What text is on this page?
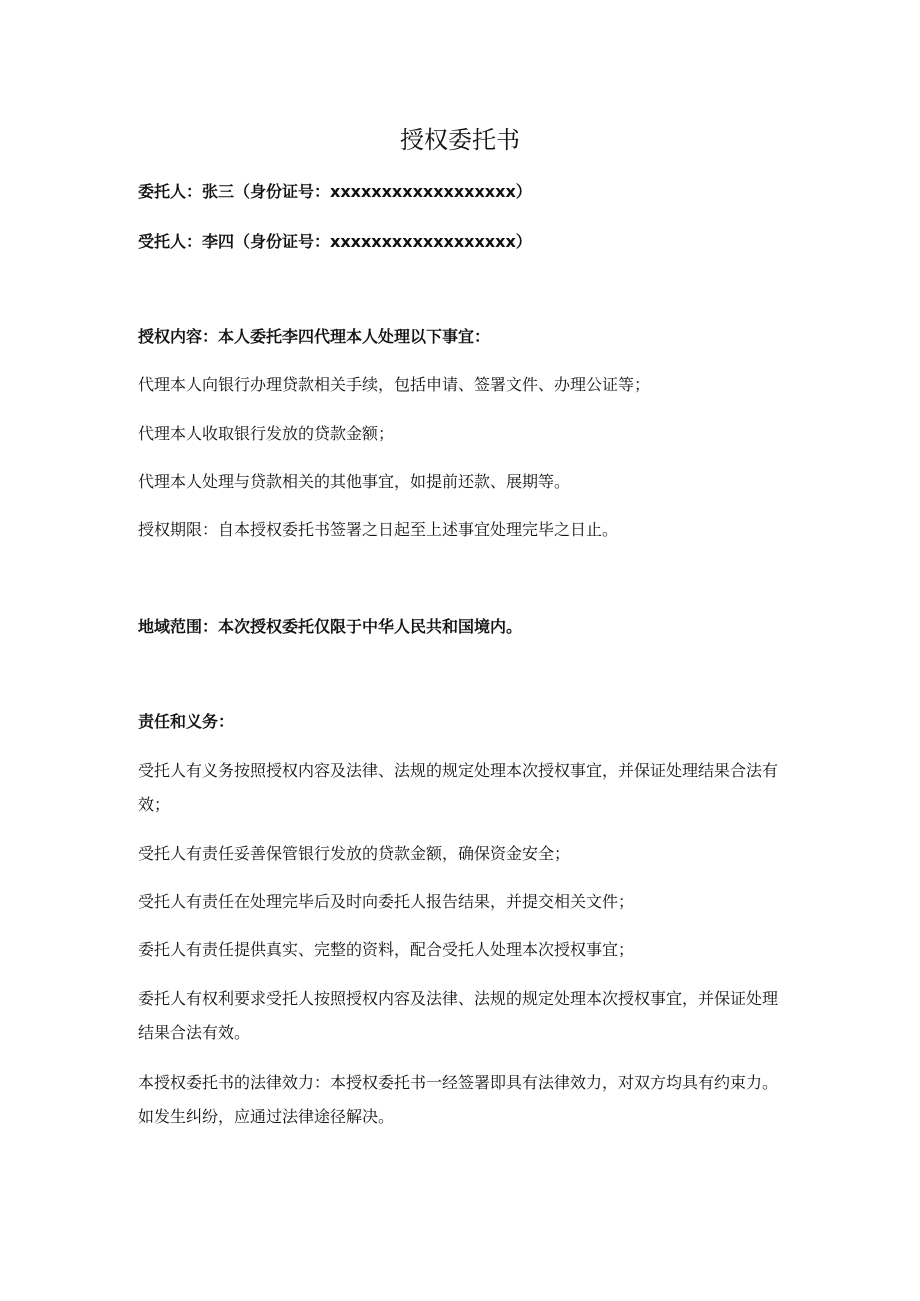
授权委托书

委托人：张三（身份证号：xxxxxxxxxxxxxxxxxx）

受托人：李四（身份证号：xxxxxxxxxxxxxxxxxx）

授权内容：本人委托李四代理本人处理以下事宜：

代理本人向银行办理贷款相关手续，包括申请、签署文件、办理公证等；

代理本人收取银行发放的贷款金额；

代理本人处理与贷款相关的其他事宜，如提前还款、展期等。

授权期限：自本授权委托书签署之日起至上述事宜处理完毕之日止。

地域范围：本次授权委托仅限于中华人民共和国境内。

责任和义务：

受托人有义务按照授权内容及法律、法规的规定处理本次授权事宜，并保证处理结果合法有效；

受托人有责任妥善保管银行发放的贷款金额，确保资金安全；

受托人有责任在处理完毕后及时向委托人报告结果，并提交相关文件；

委托人有责任提供真实、完整的资料，配合受托人处理本次授权事宜；

委托人有权利要求受托人按照授权内容及法律、法规的规定处理本次授权事宜，并保证处理结果合法有效。

本授权委托书的法律效力：本授权委托书一经签署即具有法律效力，对双方均具有约束力。如发生纠纷，应通过法律途径解决。
